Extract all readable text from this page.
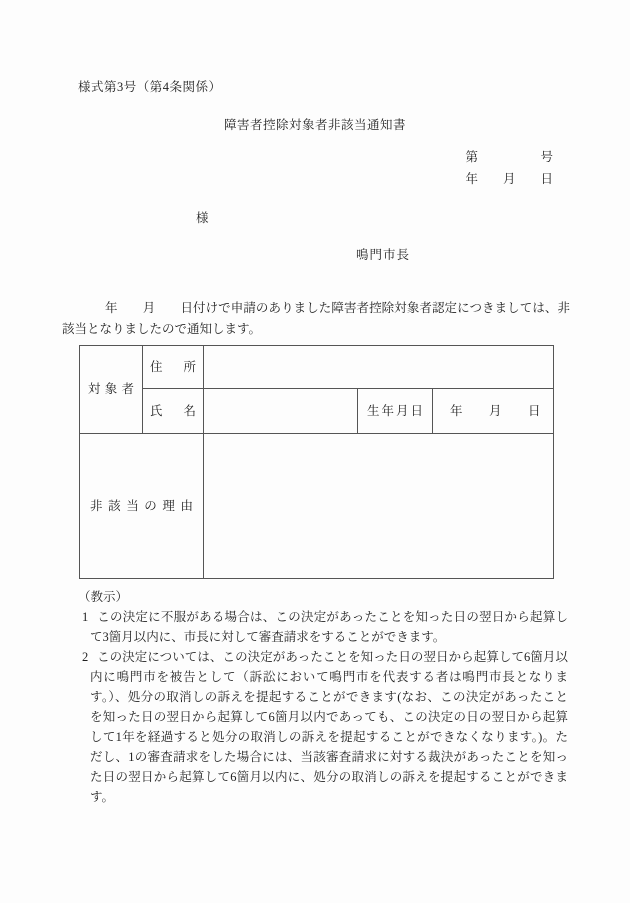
様式第3号（第4条関係）
障害者控除対象者非該当通知書
第　　　　　号
年　　月　　日
様
鳴門市長
年　　月　　日付けで申請のありました障害者控除対象者認定につきましては、非該当となりましたので通知します。
対象者	住所			
	氏名		生年月日	年　　月　　日
非該当の理由				
（教示）
1 この決定に不服がある場合は、この決定があったことを知った日の翌日から起算して3箇月以内に、市長に対して審査請求をすることができます。
2 この決定については、この決定があったことを知った日の翌日から起算して6箇月以内に鳴門市を被告として（訴訟において鳴門市を代表する者は鳴門市長となります。）、処分の取消しの訴えを提起することができます(なお、この決定があったことを知った日の翌日から起算して6箇月以内であっても、この決定の日の翌日から起算して1年を経過すると処分の取消しの訴えを提起することができなくなります。)。ただし、1の審査請求をした場合には、当該審査請求に対する裁決があったことを知った日の翌日から起算して6箇月以内に、処分の取消しの訴えを提起することができます。
